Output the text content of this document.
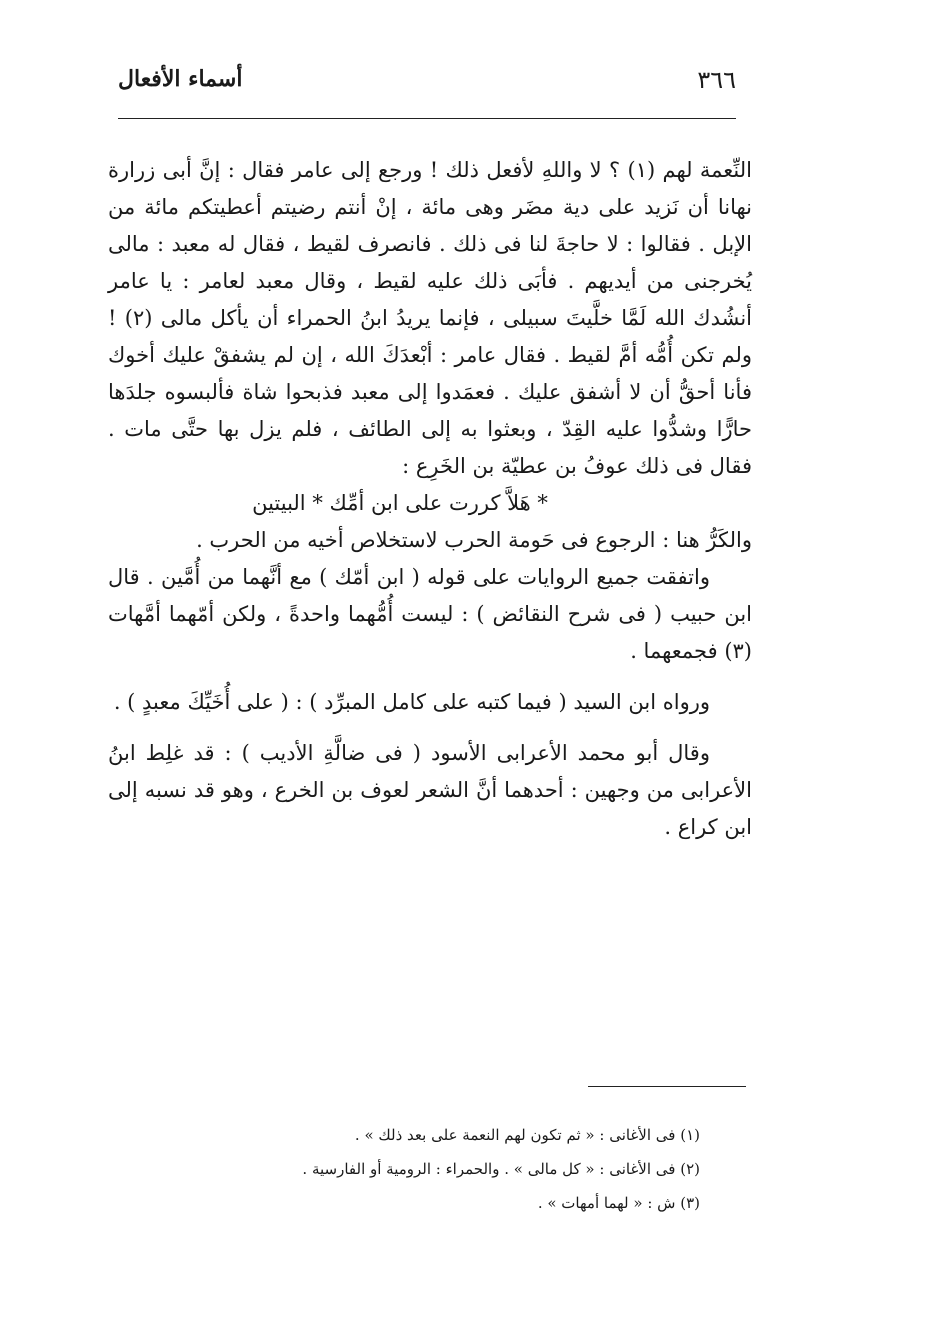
٣٦٦
أسماء الأفعال

النِّعمة لهم (١) ؟ لا واللهِ لأفعل ذلك ! ورجع إلى عامر فقال : إنَّ أبى زرارة نهانا أن نَزيد على دية مضَر وهى مائة ، إنْ أنتم رضيتم أعطيتكم مائة من الإبل . فقالوا : لا حاجةَ لنا فى ذلك . فانصرف لقيط ، فقال له معبد : مالى يُخرجنى من أيديهم . فأبَى ذلك عليه لقيط ، وقال معبد لعامر : يا عامر أنشُدك الله لَمَّا خلَّيتَ سبيلى ، فإنما يريدُ ابنُ الحمراء أن يأكل مالى (٢) ! ولم تكن أُمُّه أمَّ لقيط . فقال عامر : أبْعدَكَ الله ، إن لم يشفقْ عليك أخوك فأنا أحقُّ أن لا أشفق عليك . فعمَدوا إلى معبد فذبحوا شاة فألبسوه جلدَها حارًّا وشدُّوا عليه القِدّ ، وبعثوا به إلى الطائف ، فلم يزل بها حتَّى مات . فقال فى ذلك عوفُ بن عطيّة بن الخَرِع :

* هَلاَّ كررت على ابن أمِّك * البيتين

والكَرُّ هنا : الرجوع فى حَومة الحرب لاستخلاص أخيه من الحرب .

واتفقت جميع الروايات على قوله ( ابن أمّك ) مع أنَّهما من أُمَّين . قال ابن حبيب ( فى شرح النقائض ) : ليست أُمُّهما واحدةً ، ولكن أمّهما أمَّهات (٣) فجمعهما .

ورواه ابن السيد ( فيما كتبه على كامل المبرِّد ) : ( على أُخَيِّكَ معبدٍ ) .

وقال أبو محمد الأعرابى الأسود ( فى ضالَّةِ الأديب ) : قد غلِط ابنُ الأعرابى من وجهين : أحدهما أنَّ الشعر لعوف بن الخرع ، وهو قد نسبه إلى ابن كراع .

(١) فى الأغانى : « ثم تكون لهم النعمة على بعد ذلك » .

(٢) فى الأغانى : « كل مالى » . والحمراء : الرومية أو الفارسية .

(٣) ش : « لهما أمهات » .
